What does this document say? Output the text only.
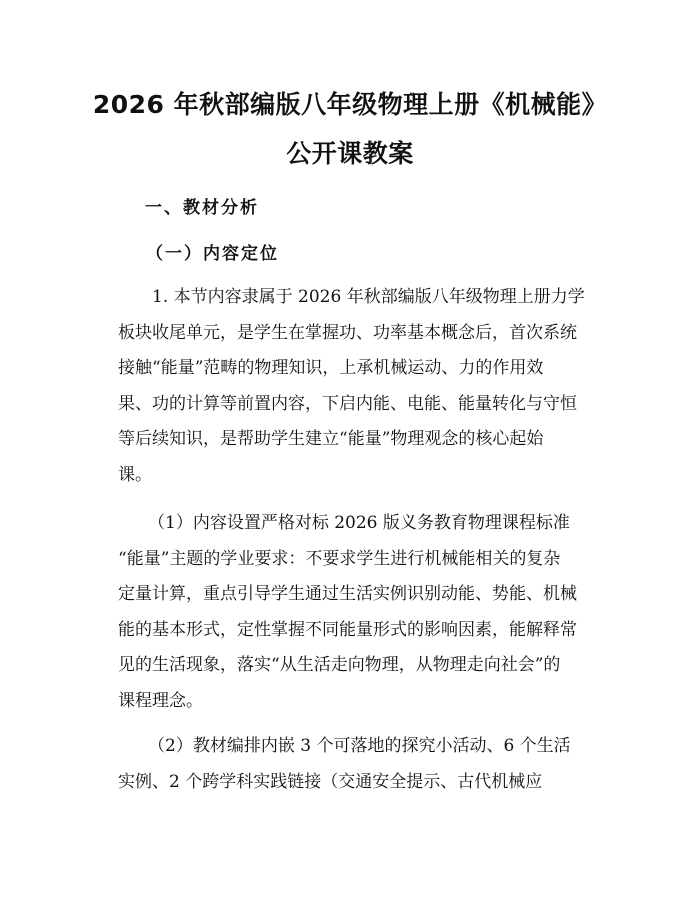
2026 年秋部编版八年级物理上册《机械能》
公开课教案
一、教材分析
（一）内容定位
1. 本节内容隶属于 2026 年秋部编版八年级物理上册力学
板块收尾单元，是学生在掌握功、功率基本概念后，首次系统
接触“能量”范畴的物理知识，上承机械运动、力的作用效
果、功的计算等前置内容，下启内能、电能、能量转化与守恒
等后续知识，是帮助学生建立“能量”物理观念的核心起始
课。
（1）内容设置严格对标 2026 版义务教育物理课程标准
“能量”主题的学业要求：不要求学生进行机械能相关的复杂
定量计算，重点引导学生通过生活实例识别动能、势能、机械
能的基本形式，定性掌握不同能量形式的影响因素，能解释常
见的生活现象，落实“从生活走向物理，从物理走向社会”的
课程理念。
（2）教材编排内嵌 3 个可落地的探究小活动、6 个生活
实例、2 个跨学科实践链接（交通安全提示、古代机械应
